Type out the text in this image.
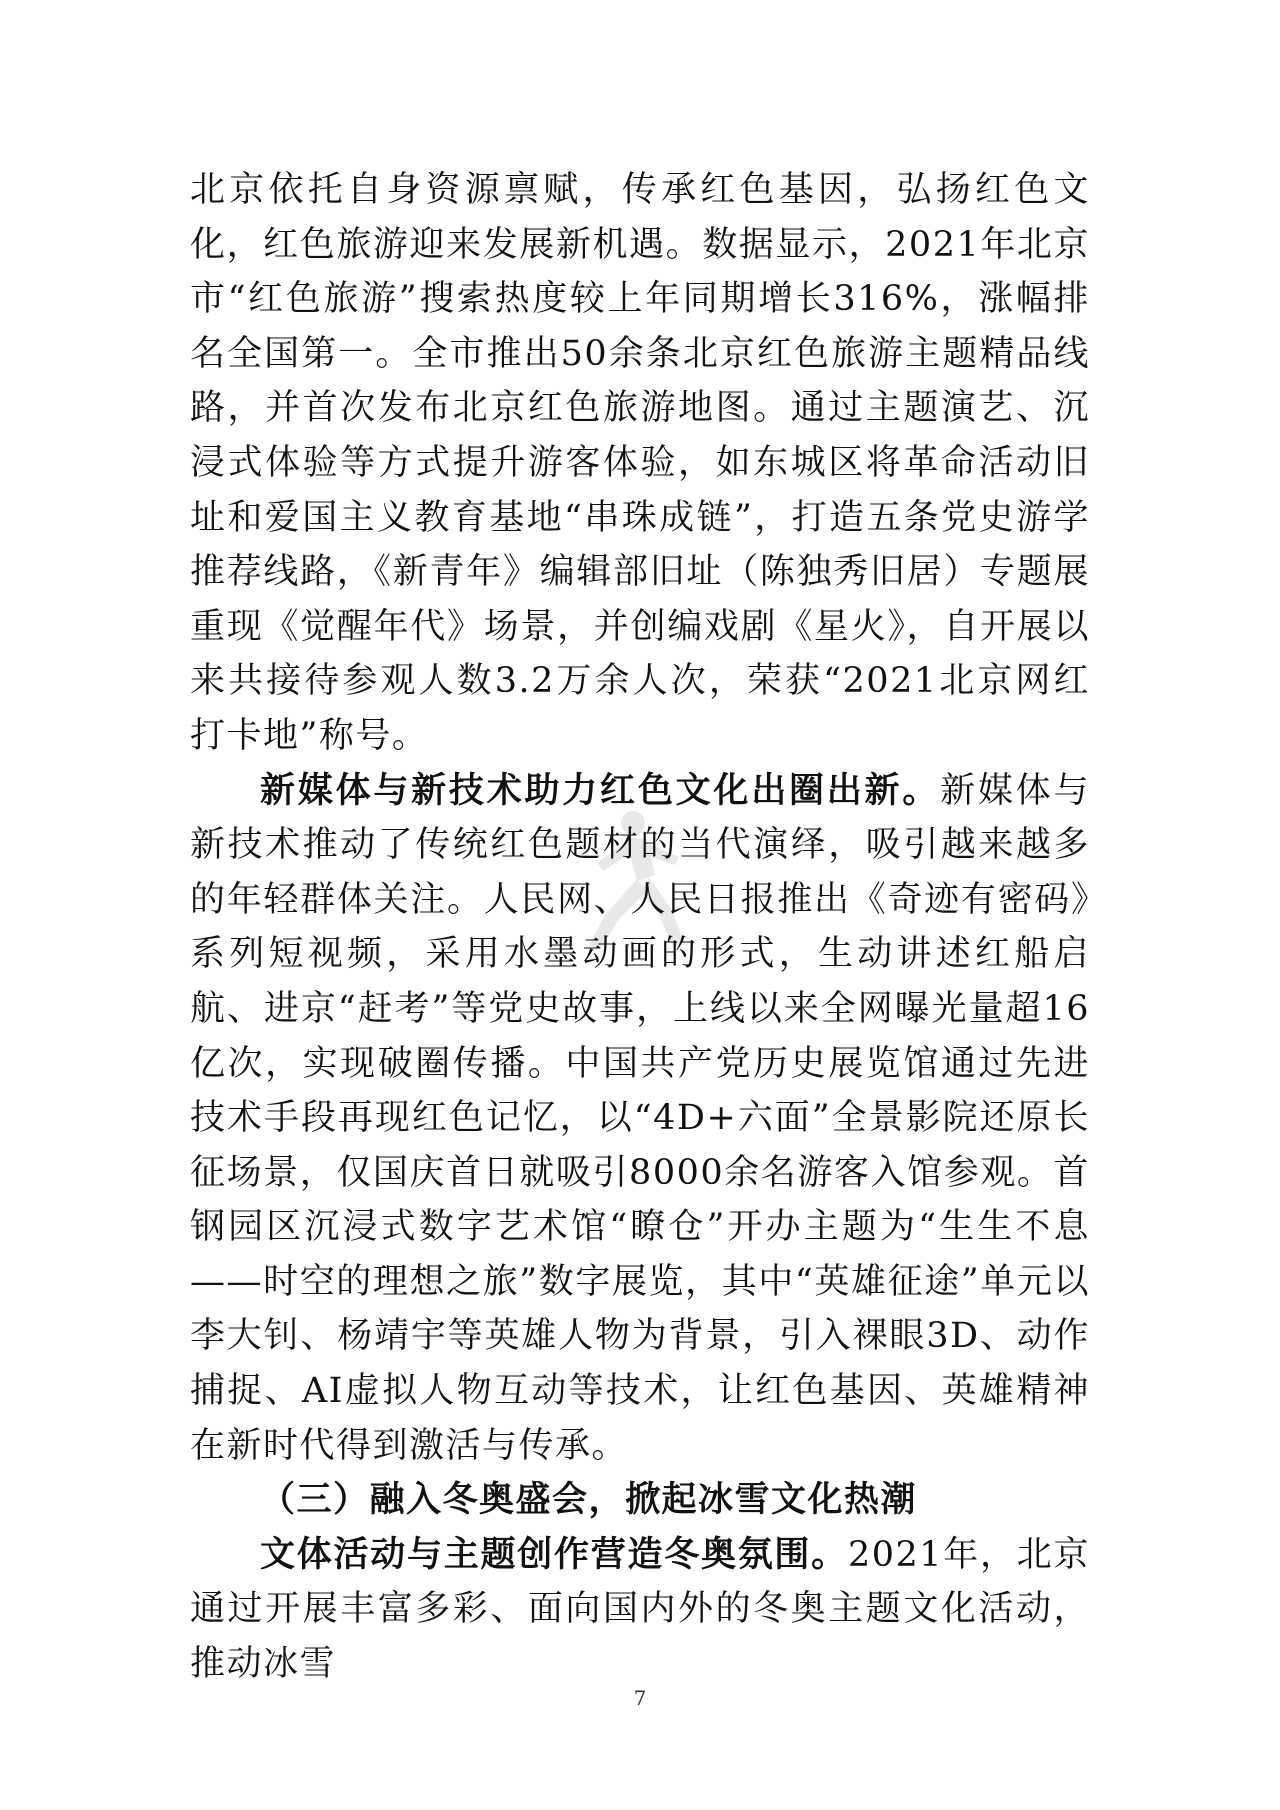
北京依托自身资源禀赋，传承红色基因，弘扬红色文化，红色旅游迎来发展新机遇。数据显示，2021年北京市“红色旅游”搜索热度较上年同期增长316%，涨幅排名全国第一。全市推出50余条北京红色旅游主题精品线路，并首次发布北京红色旅游地图。通过主题演艺、沉浸式体验等方式提升游客体验，如东城区将革命活动旧址和爱国主义教育基地“串珠成链”，打造五条党史游学推荐线路，《新青年》编辑部旧址（陈独秀旧居）专题展重现《觉醒年代》场景，并创编戏剧《星火》，自开展以来共接待参观人数3.2万余人次，荣获“2021北京网红打卡地”称号。

新媒体与新技术助力红色文化出圈出新。新媒体与新技术推动了传统红色题材的当代演绎，吸引越来越多的年轻群体关注。人民网、人民日报推出《奇迹有密码》系列短视频，采用水墨动画的形式，生动讲述红船启航、进京“赶考”等党史故事，上线以来全网曝光量超16亿次，实现破圈传播。中国共产党历史展览馆通过先进技术手段再现红色记忆，以“4D+六面”全景影院还原长征场景，仅国庆首日就吸引8000余名游客入馆参观。首钢园区沉浸式数字艺术馆“瞭仓”开办主题为“生生不息——时空的理想之旅”数字展览，其中“英雄征途”单元以李大钊、杨靖宇等英雄人物为背景，引入裸眼3D、动作捕捉、AI虚拟人物互动等技术，让红色基因、英雄精神在新时代得到激活与传承。

（三）融入冬奥盛会，掀起冰雪文化热潮

文体活动与主题创作营造冬奥氛围。2021年，北京通过开展丰富多彩、面向国内外的冬奥主题文化活动，推动冰雪

7
